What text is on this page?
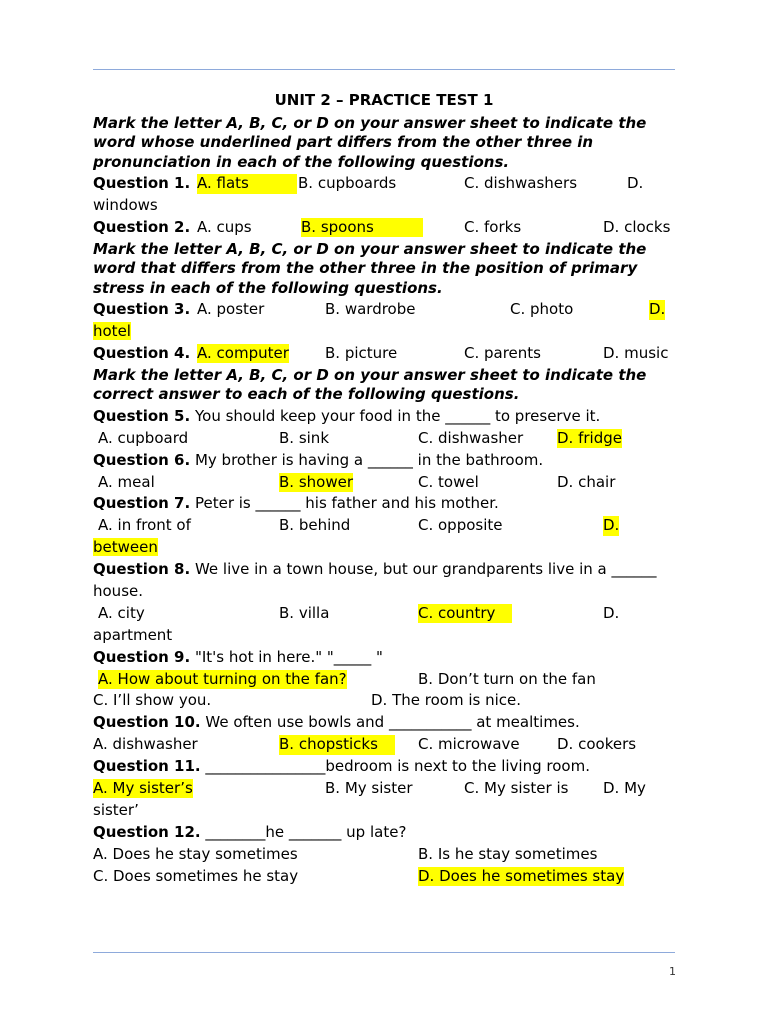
UNIT 2 – PRACTICE TEST 1
Mark the letter A, B, C, or D on your answer sheet to indicate the word whose underlined part differs from the other three in pronunciation in each of the following questions.
Question 1. A. flats	B. cupboards	C. dishwashers	D.
windows
Question 2. A. cups	B. spoons	C. forks	D. clocks
Mark the letter A, B, C, or D on your answer sheet to indicate the word that differs from the other three in the position of primary stress in each of the following questions.
Question 3. A. poster	B. wardrobe	C. photo	D.
hotel
Question 4. A. computer B. picture	C. parents	D. music
Mark the letter A, B, C, or D on your answer sheet to indicate the correct answer to each of the following questions.
Question 5. You should keep your food in the ______ to preserve it.
A. cupboard	B. sink	C. dishwasher D. fridge
Question 6. My brother is having a ______ in the bathroom.
A. meal	B. shower	C. towel	D. chair
Question 7. Peter is ______ his father and his mother.
A. in front of	B. behind	C. opposite	D.
between
Question 8. We live in a town house, but our grandparents live in a ______
house.
A. city	B. villa	C. country	D.
apartment
Question 9. "It's hot in here." "_____ "
A. How about turning on the fan?	B. Don’t turn on the fan
C. I’ll show you.	D. The room is nice.
Question 10. We often use bowls and ___________ at mealtimes.
A. dishwasher	B. chopsticks	C. microwave D. cookers
Question 11. ________________bedroom is next to the living room.
A. My sister’s	B. My sister	C. My sister is D. My
sister’
Question 12. ________he _______ up late?
A. Does he stay sometimes	B. Is he stay sometimes
C. Does sometimes he stay	D. Does he sometimes stay
1
